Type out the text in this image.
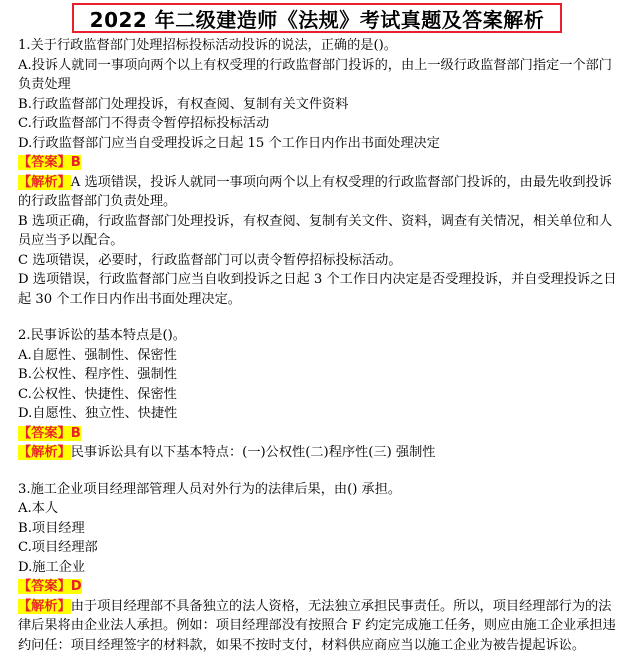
2022 年二级建造师《法规》考试真题及答案解析
1.关于行政监督部门处理招标投标活动投诉的说法，正确的是()。
A.投诉人就同一事项向两个以上有权受理的行政监督部门投诉的，由上一级行政监督部门指定一个部门负责处理
B.行政监督部门处理投诉，有权查阅、复制有关文件资料
C.行政监督部门不得责令暂停招标投标活动
D.行政监督部门应当自受理投诉之日起 15 个工作日内作出书面处理决定
【答案】B
【解析】A 选项错误，投诉人就同一事项向两个以上有权受理的行政监督部门投诉的，由最先收到投诉的行政监督部门负责处理。
B 选项正确，行政监督部门处理投诉，有权查阅、复制有关文件、资料，调查有关情况，相关单位和人员应当予以配合。
C 选项错误，必要时，行政监督部门可以责令暂停招标投标活动。
D 选项错误，行政监督部门应当自收到投诉之日起 3 个工作日内决定是否受理投诉，并自受理投诉之日起 30 个工作日内作出书面处理决定。
2.民事诉讼的基本特点是()。
A.自愿性、强制性、保密性
B.公权性、程序性、强制性
C.公权性、快捷性、保密性
D.自愿性、独立性、快捷性
【答案】B
【解析】民事诉讼具有以下基本特点：(一)公权性(二)程序性(三) 强制性
3.施工企业项目经理部管理人员对外行为的法律后果，由() 承担。
A.本人
B.项目经理
C.项目经理部
D.施工企业
【答案】D
【解析】由于项目经理部不具备独立的法人资格，无法独立承担民事责任。所以，项目经理部行为的法律后果将由企业法人承担。例如：项目经理部没有按照合 F 约定完成施工任务，则应由施工企业承担违约问任：项目经理签字的材料款，如果不按时支付，材料供应商应当以施工企业为被告提起诉讼。
